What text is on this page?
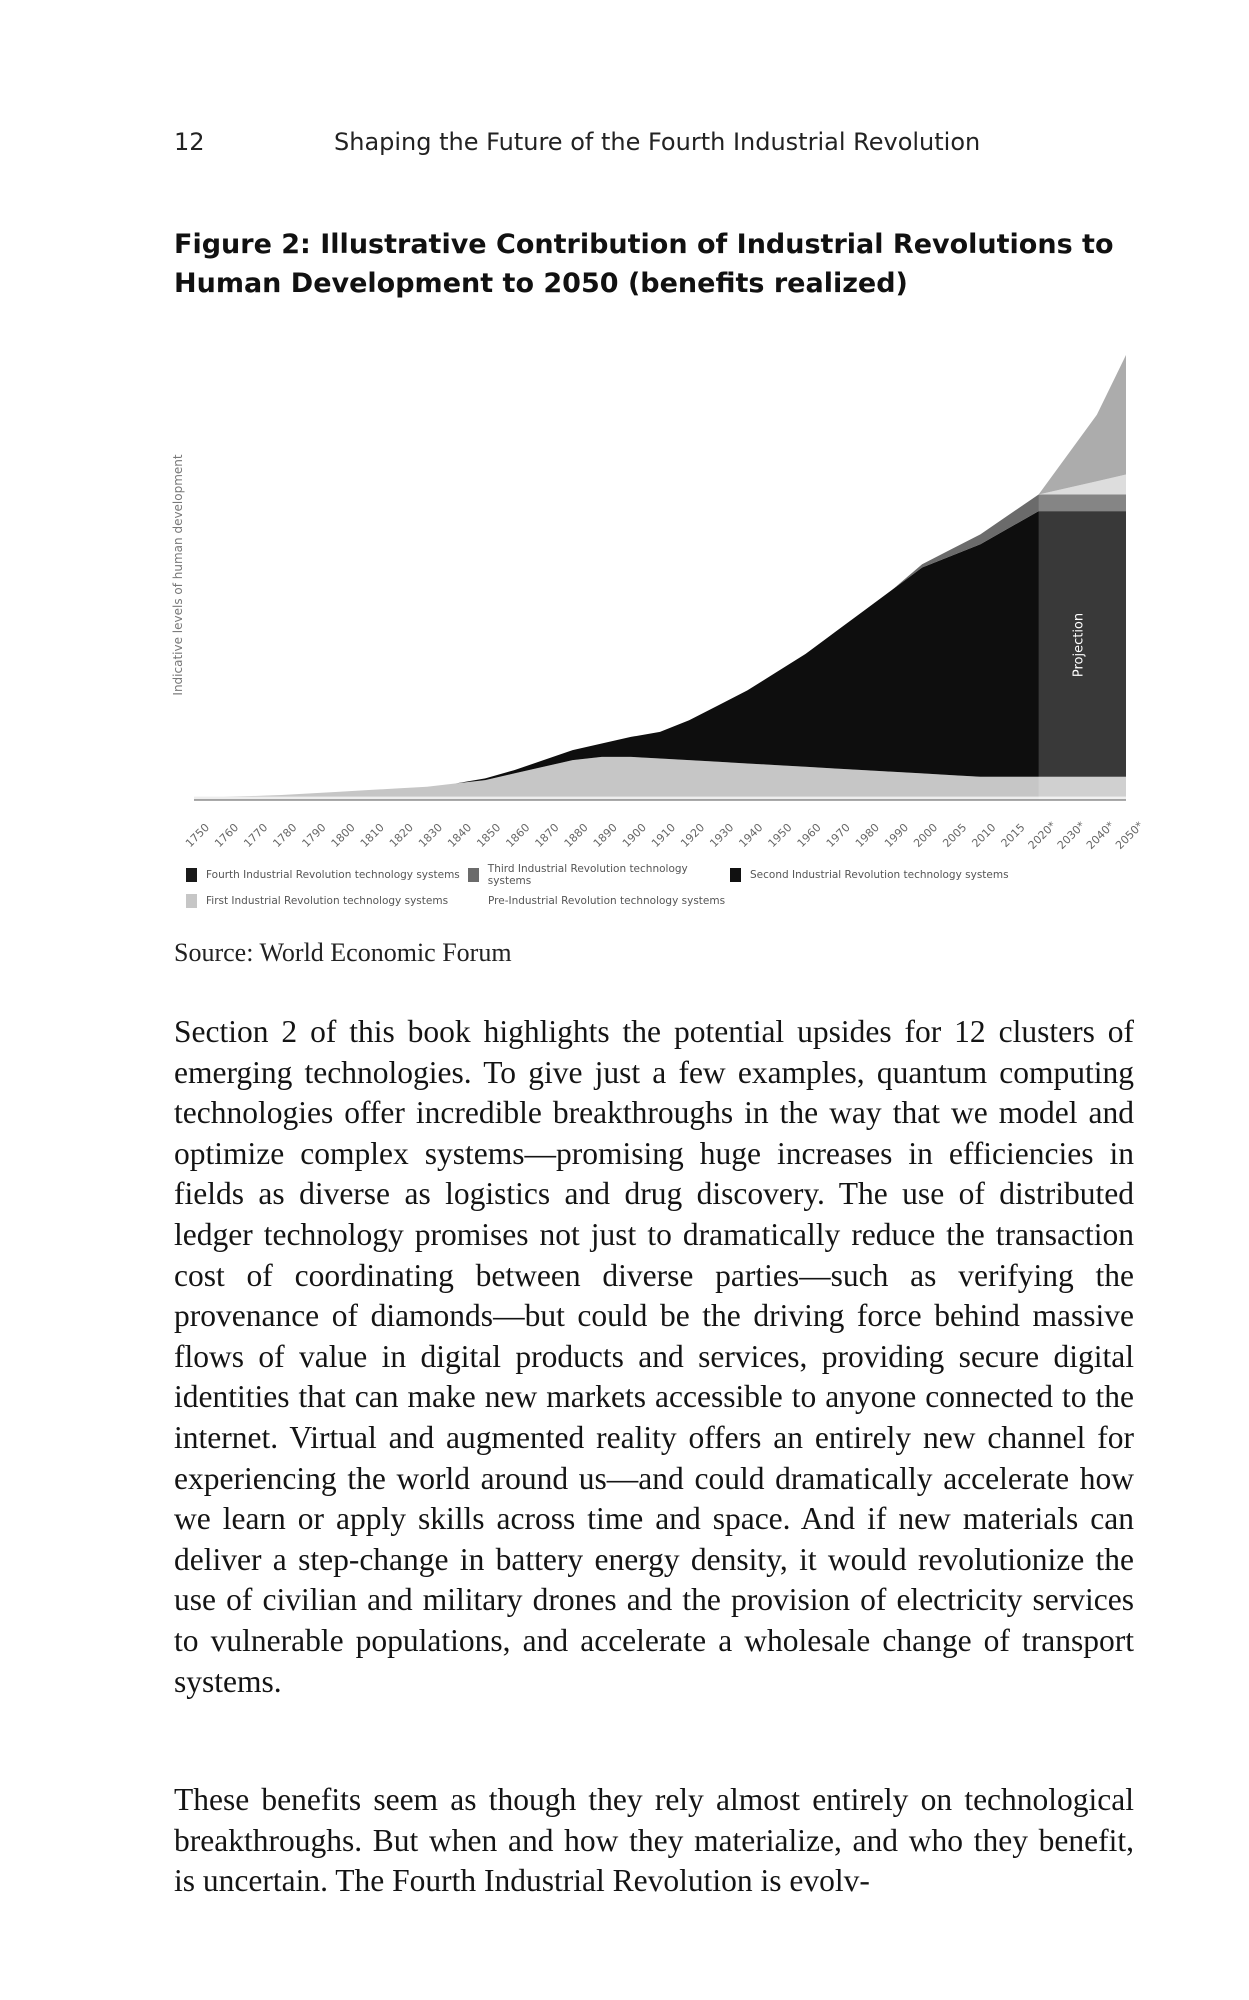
12	Shaping the Future of the Fourth Industrial Revolution
Figure 2: Illustrative Contribution of Industrial Revolutions to Human Development to 2050 (benefits realized)
Projection
Indicative levels of human development
1750 1760 1770 1780 1790 1800 1810 1820 1830 1840 1850 1860 1870 1880 1890 1900 1910 1920 1930 1940 1950 1960 1970 1980 1990 2000 2005 2010 2015
2020*
2030*
2040*
2050*
Fourth Industrial Revolution technology systems	Third Industrial Revolution technology systems	Second Industrial Revolution technology systems
First Industrial Revolution technology systems	Pre-Industrial Revolution technology systems
Source: World Economic Forum

Section 2 of this book highlights the potential upsides for 12 clusters of emerging technologies. To give just a few examples, quantum computing technologies offer incredible breakthroughs in the way that we model and optimize complex systems—promising huge increases in efficiencies in fields as diverse as logistics and drug discovery. The use of distributed ledger technology promises not just to dramatically reduce the transaction cost of coordinating between diverse parties—such as verifying the provenance of diamonds—but could be the driving force behind massive flows of value in digital products and services, providing secure digital identities that can make new markets accessible to anyone connected to the internet. Virtual and augmented reality offers an entirely new channel for experiencing the world around us—and could dramatically accelerate how we learn or apply skills across time and space. And if new materials can deliver a step-change in battery energy density, it would revolutionize the use of civilian and military drones and the provision of electricity services to vulnerable populations, and accelerate a wholesale change of transport systems.

These benefits seem as though they rely almost entirely on technological breakthroughs. But when and how they materialize, and who they benefit, is uncertain. The Fourth Industrial Revolution is evolv-
